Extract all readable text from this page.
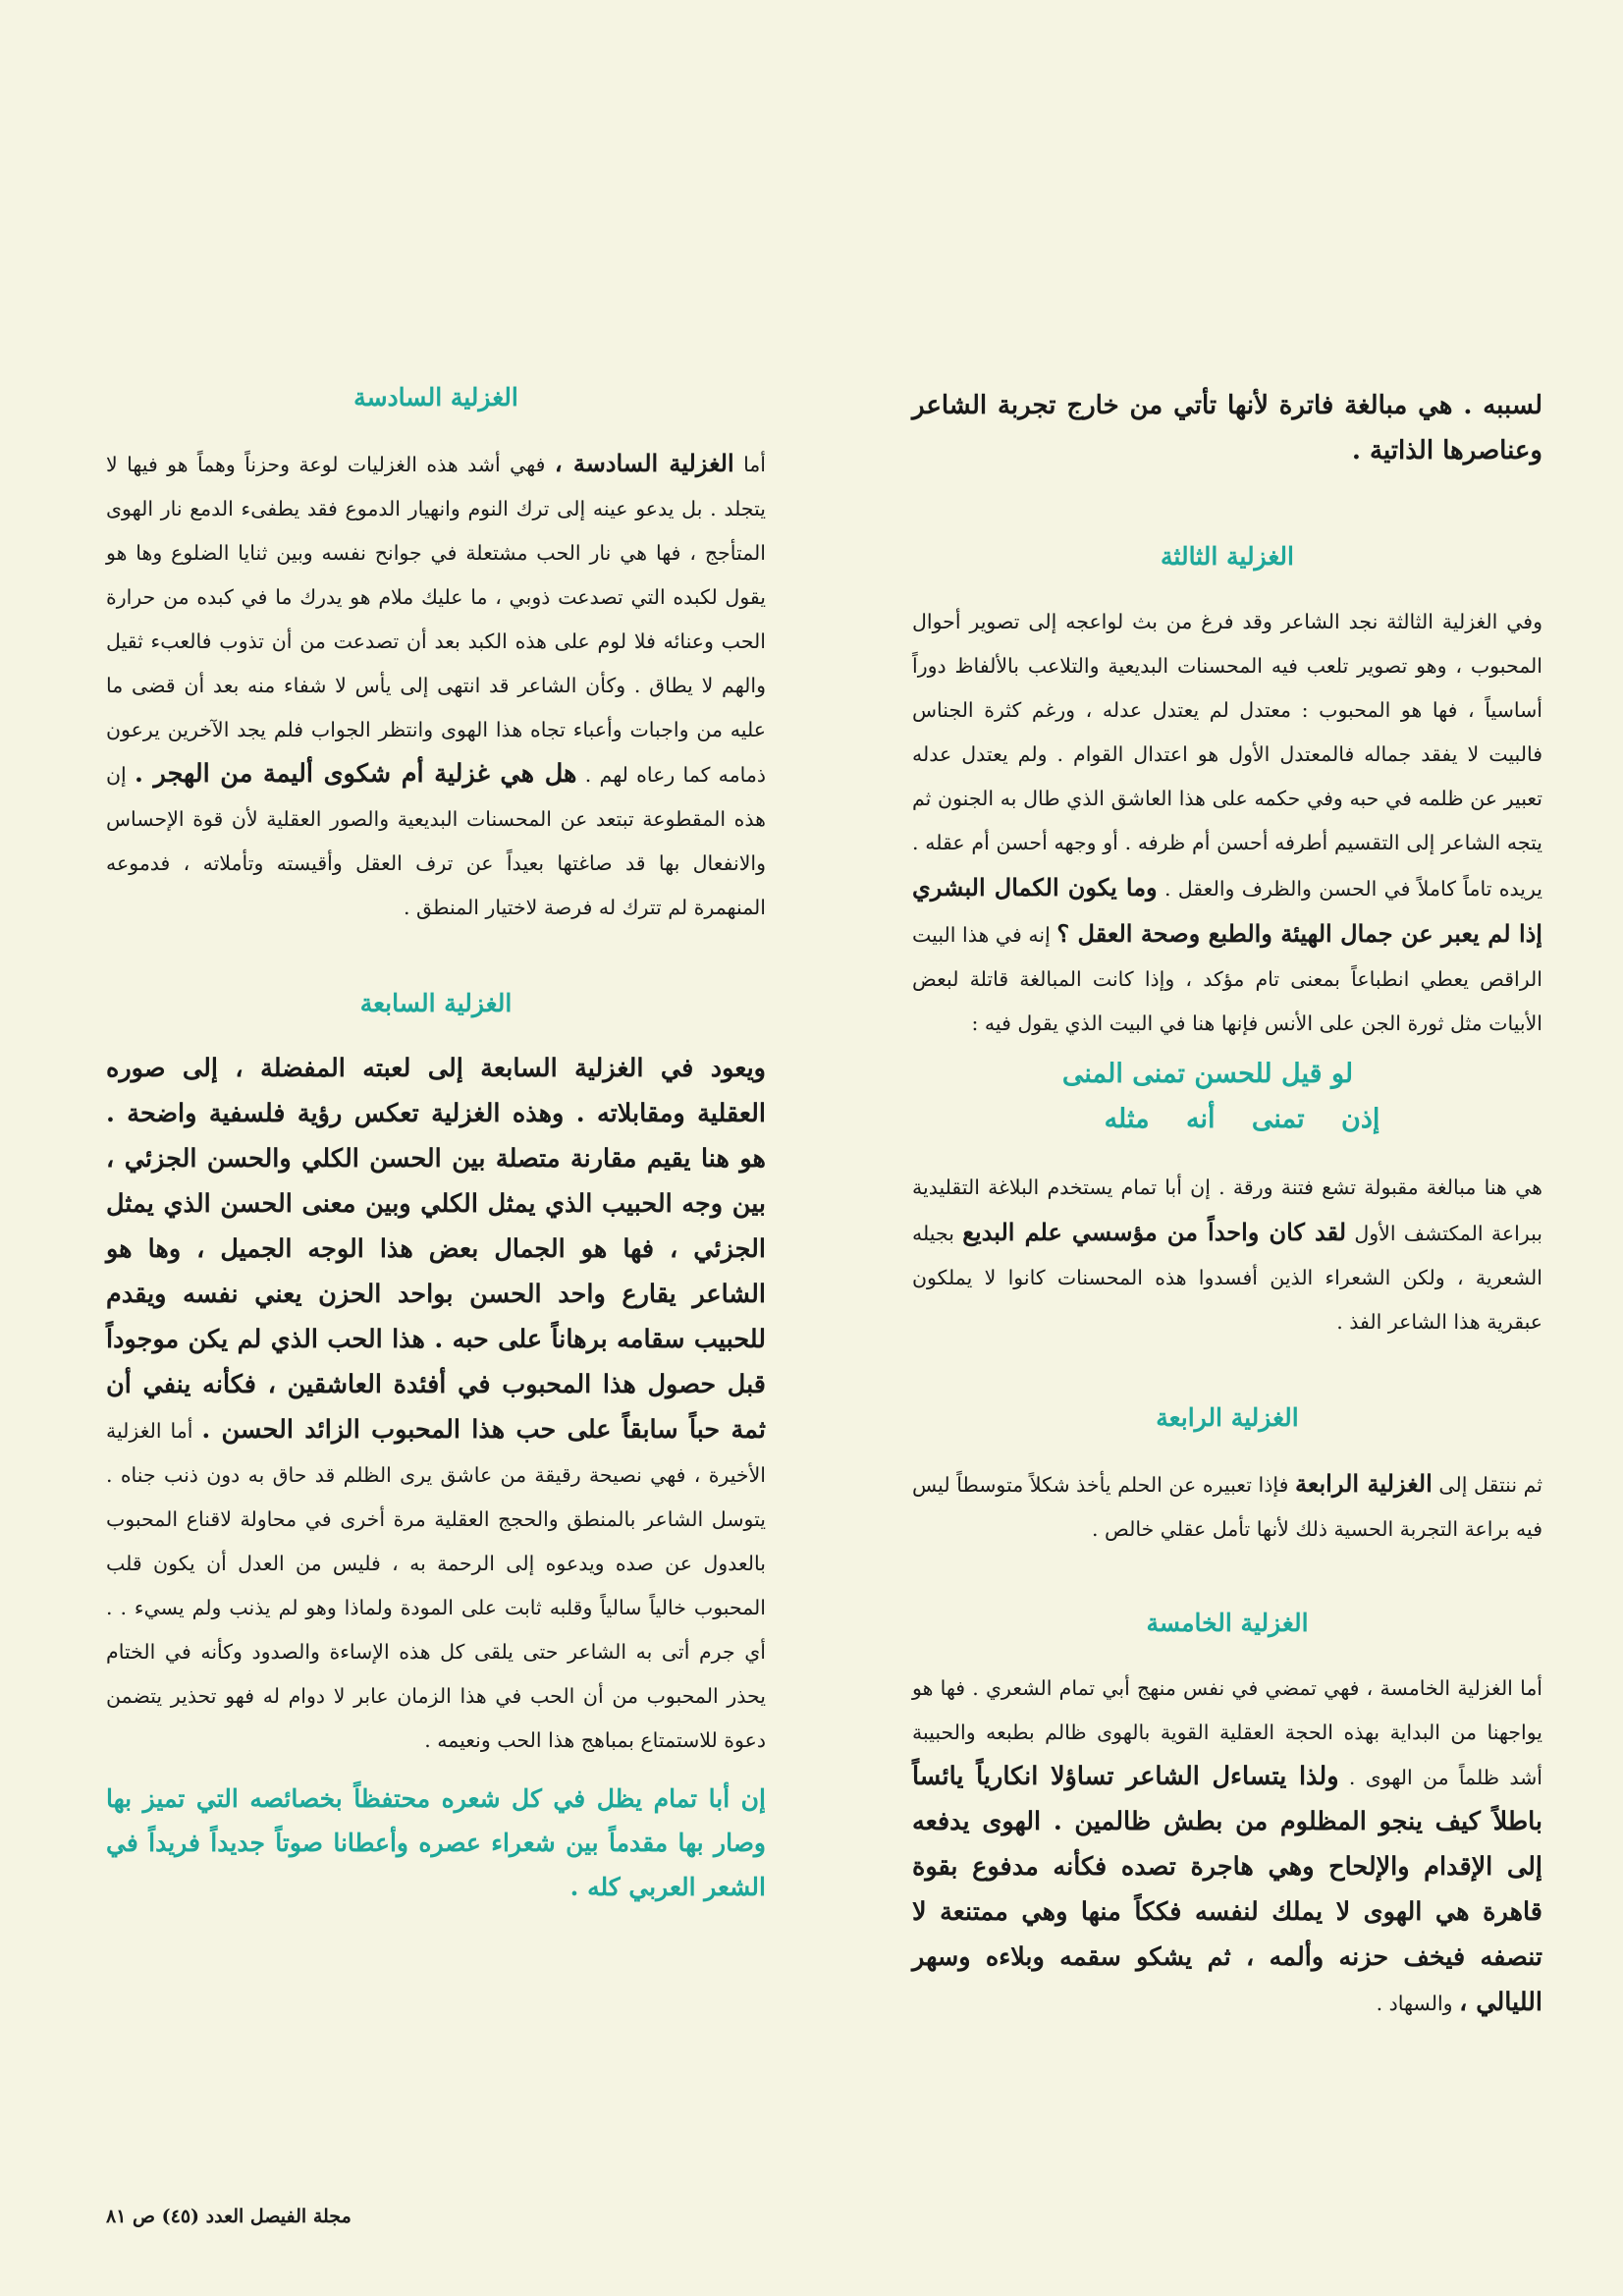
لسببه . هي مبالغة فاترة لأنها تأتي من خارج تجربة الشاعر وعناصرها الذاتية .

الغزلية الثالثة

وفي الغزلية الثالثة نجد الشاعر وقد فرغ من بث لواعجه إلى تصوير أحوال المحبوب ، وهو تصوير تلعب فيه المحسنات البديعية والتلاعب بالألفاظ دوراً أساسياً ، فها هو المحبوب : معتدل لم يعتدل عدله ، ورغم كثرة الجناس فالبيت لا يفقد جماله فالمعتدل الأول هو اعتدال القوام . ولم يعتدل عدله تعبير عن ظلمه في حبه وفي حكمه على هذا العاشق الذي طال به الجنون ثم يتجه الشاعر إلى التقسيم أطرفه أحسن أم ظرفه . أو وجهه أحسن أم عقله . يريده تاماً كاملاً في الحسن والظرف والعقل . وما يكون الكمال البشري إذا لم يعبر عن جمال الهيئة والطبع وصحة العقل ؟ إنه في هذا البيت الراقص يعطي انطباعاً بمعنى تام مؤكد ، وإذا كانت المبالغة قاتلة لبعض الأبيات مثل ثورة الجن على الأنس فإنها هنا في البيت الذي يقول فيه :

لو قيل للحسن تمنى المنى
إذن تمنى أنه مثله

هي هنا مبالغة مقبولة تشع فتنة ورقة . إن أبا تمام يستخدم البلاغة التقليدية ببراعة المكتشف الأول لقد كان واحداً من مؤسسي علم البديع بجيله الشعرية ، ولكن الشعراء الذين أفسدوا هذه المحسنات كانوا لا يملكون عبقرية هذا الشاعر الفذ .

الغزلية الرابعة

ثم ننتقل إلى الغزلية الرابعة فإذا تعبيره عن الحلم يأخذ شكلاً متوسطاً ليس فيه براعة التجربة الحسية ذلك لأنها تأمل عقلي خالص .

الغزلية الخامسة

أما الغزلية الخامسة ، فهي تمضي في نفس منهج أبي تمام الشعري . فها هو يواجهنا من البداية بهذه الحجة العقلية القوية بالهوى ظالم بطبعه والحبيبة أشد ظلماً من الهوى . ولذا يتساءل الشاعر تساؤلا انكارياً يائساً باطلاً كيف ينجو المظلوم من بطش ظالمين . الهوى يدفعه إلى الإقدام والإلحاح وهي هاجرة تصده فكأنه مدفوع بقوة قاهرة هي الهوى لا يملك لنفسه فككاً منها وهي ممتنعة لا تنصفه فيخف حزنه وألمه ، ثم يشكو سقمه وبلاءه وسهر الليالي ، والسهاد .

الغزلية السادسة

أما الغزلية السادسة ، فهي أشد هذه الغزليات لوعة وحزناً وهماً هو فيها لا يتجلد . بل يدعو عينه إلى ترك النوم وانهيار الدموع فقد يطفىء الدمع نار الهوى المتأجج ، فها هي نار الحب مشتعلة في جوانح نفسه وبين ثنايا الضلوع وها هو يقول لكبده التي تصدعت ذوبي ، ما عليك ملام هو يدرك ما في كبده من حرارة الحب وعنائه فلا لوم على هذه الكبد بعد أن تصدعت من أن تذوب فالعبء ثقيل والهم لا يطاق . وكأن الشاعر قد انتهى إلى يأس لا شفاء منه بعد أن قضى ما عليه من واجبات وأعباء تجاه هذا الهوى وانتظر الجواب فلم يجد الآخرين يرعون ذمامه كما رعاه لهم . هل هي غزلية أم شكوى أليمة من الهجر . إن هذه المقطوعة تبتعد عن المحسنات البديعية والصور العقلية لأن قوة الإحساس والانفعال بها قد صاغتها بعيداً عن ترف العقل وأقيسته وتأملاته ، فدموعه المنهمرة لم تترك له فرصة لاختيار المنطق .

الغزلية السابعة

ويعود في الغزلية السابعة إلى لعبته المفضلة ، إلى صوره العقلية ومقابلاته . وهذه الغزلية تعكس رؤية فلسفية واضحة . هو هنا يقيم مقارنة متصلة بين الحسن الكلي والحسن الجزئي ، بين وجه الحبيب الذي يمثل الكلي وبين معنى الحسن الذي يمثل الجزئي ، فها هو الجمال بعض هذا الوجه الجميل ، وها هو الشاعر يقارع واحد الحسن بواحد الحزن يعني نفسه ويقدم للحبيب سقامه برهاناً على حبه . هذا الحب الذي لم يكن موجوداً قبل حصول هذا المحبوب في أفئدة العاشقين ، فكأنه ينفي أن ثمة حباً سابقاً على حب هذا المحبوب الزائد الحسن . أما الغزلية الأخيرة ، فهي نصيحة رقيقة من عاشق يرى الظلم قد حاق به دون ذنب جناه . يتوسل الشاعر بالمنطق والحجج العقلية مرة أخرى في محاولة لاقناع المحبوب بالعدول عن صده ويدعوه إلى الرحمة به ، فليس من العدل أن يكون قلب المحبوب خالياً سالياً وقلبه ثابت على المودة ولماذا وهو لم يذنب ولم يسيء . . أي جرم أتى به الشاعر حتى يلقى كل هذه الإساءة والصدود وكأنه في الختام يحذر المحبوب من أن الحب في هذا الزمان عابر لا دوام له فهو تحذير يتضمن دعوة للاستمتاع بمباهج هذا الحب ونعيمه .

إن أبا تمام يظل في كل شعره محتفظاً بخصائصه التي تميز بها وصار بها مقدماً بين شعراء عصره وأعطانا صوتاً جديداً فريداً في الشعر العربي كله .

مجلة الفيصل العدد (٤٥) ص ٨١
